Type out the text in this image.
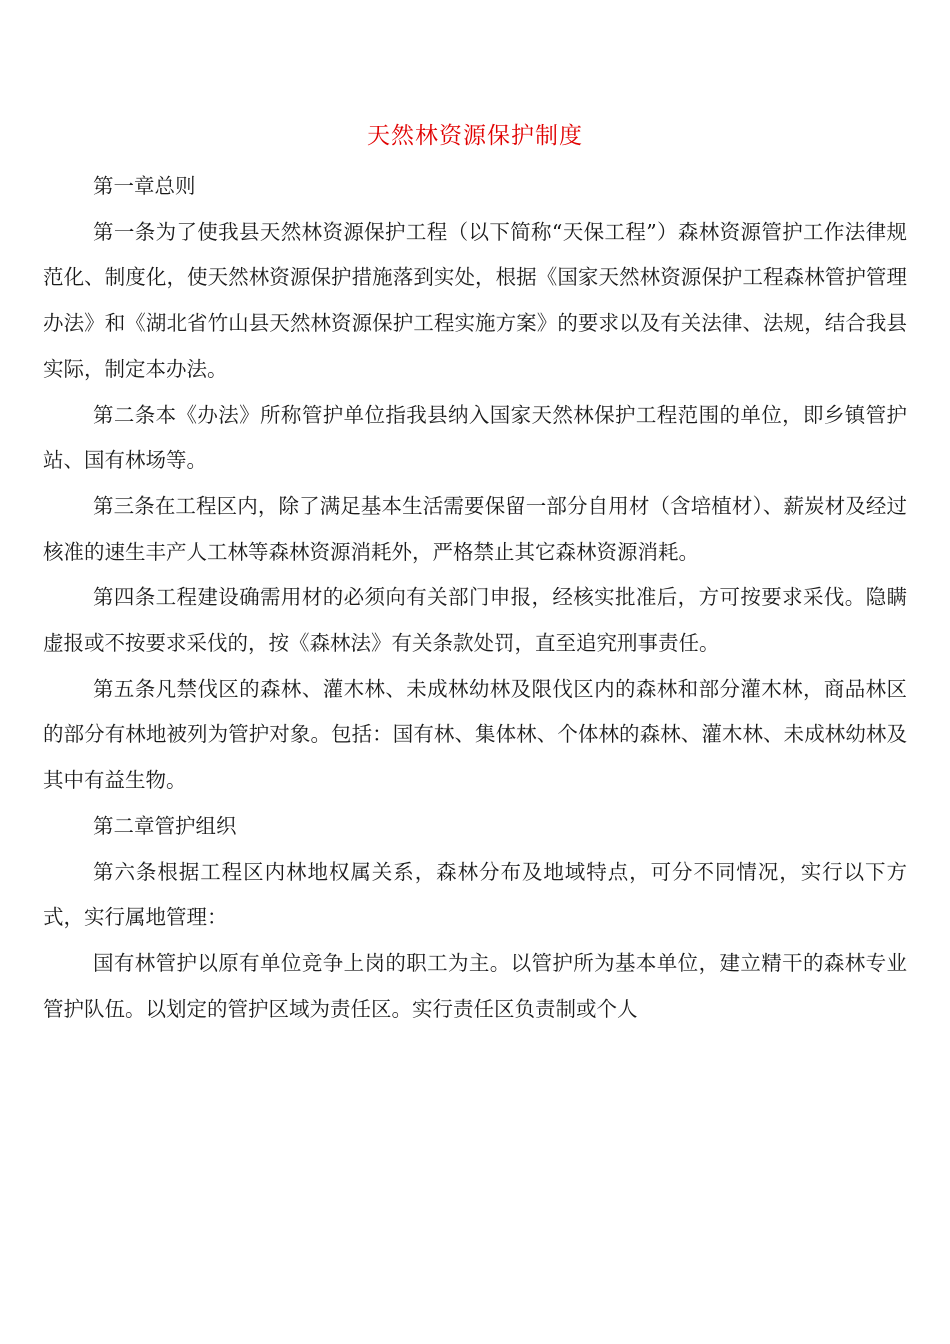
天然林资源保护制度

第一章总则

第一条为了使我县天然林资源保护工程（以下简称“天保工程”）森林资源管护工作法律规范化、制度化，使天然林资源保护措施落到实处，根据《国家天然林资源保护工程森林管护管理办法》和《湖北省竹山县天然林资源保护工程实施方案》的要求以及有关法律、法规，结合我县实际，制定本办法。

第二条本《办法》所称管护单位指我县纳入国家天然林保护工程范围的单位，即乡镇管护站、国有林场等。

第三条在工程区内，除了满足基本生活需要保留一部分自用材（含培植材）、薪炭材及经过核准的速生丰产人工林等森林资源消耗外，严格禁止其它森林资源消耗。

第四条工程建设确需用材的必须向有关部门申报，经核实批准后，方可按要求采伐。隐瞒虚报或不按要求采伐的，按《森林法》有关条款处罚，直至追究刑事责任。

第五条凡禁伐区的森林、灌木林、未成林幼林及限伐区内的森林和部分灌木林，商品林区的部分有林地被列为管护对象。包括：国有林、集体林、个体林的森林、灌木林、未成林幼林及其中有益生物。

第二章管护组织

第六条根据工程区内林地权属关系，森林分布及地域特点，可分不同情况，实行以下方式，实行属地管理：

国有林管护以原有单位竞争上岗的职工为主。以管护所为基本单位，建立精干的森林专业管护队伍。以划定的管护区域为责任区。实行责任区负责制或个人
